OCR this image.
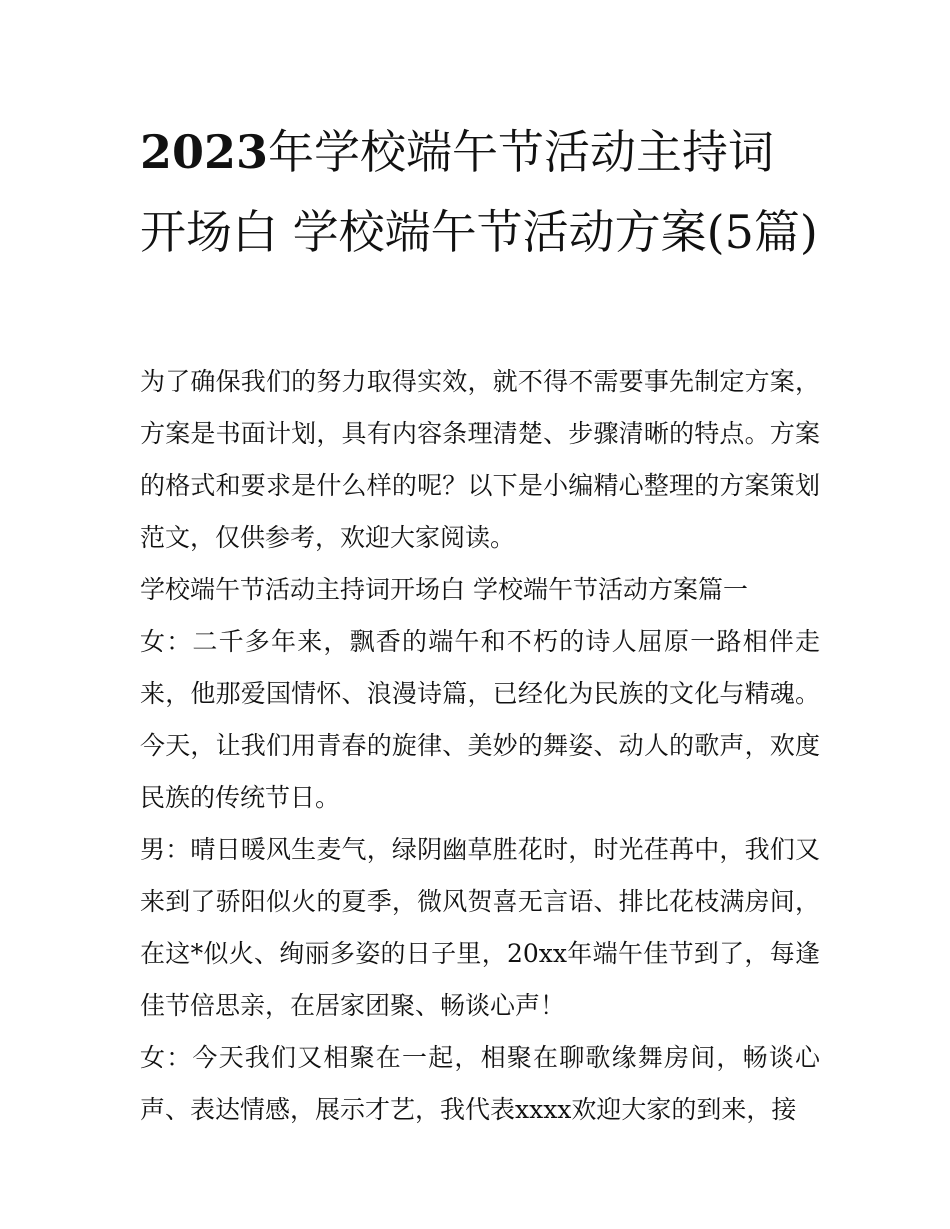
2023年学校端午节活动主持词开场白 学校端午节活动方案(5篇)

为了确保我们的努力取得实效，就不得不需要事先制定方案，方案是书面计划，具有内容条理清楚、步骤清晰的特点。方案的格式和要求是什么样的呢？以下是小编精心整理的方案策划范文，仅供参考，欢迎大家阅读。

学校端午节活动主持词开场白 学校端午节活动方案篇一

女：二千多年来，飘香的端午和不朽的诗人屈原一路相伴走来，他那爱国情怀、浪漫诗篇，已经化为民族的文化与精魂。今天，让我们用青春的旋律、美妙的舞姿、动人的歌声，欢度民族的传统节日。

男：晴日暖风生麦气，绿阴幽草胜花时，时光荏苒中，我们又来到了骄阳似火的夏季，微风贺喜无言语、排比花枝满房间，在这*似火、绚丽多姿的日子里，20xx年端午佳节到了，每逢佳节倍思亲，在居家团聚、畅谈心声！

女：今天我们又相聚在一起，相聚在聊歌缘舞房间，畅谈心声、表达情感，展示才艺，我代表xxxx欢迎大家的到来，接
